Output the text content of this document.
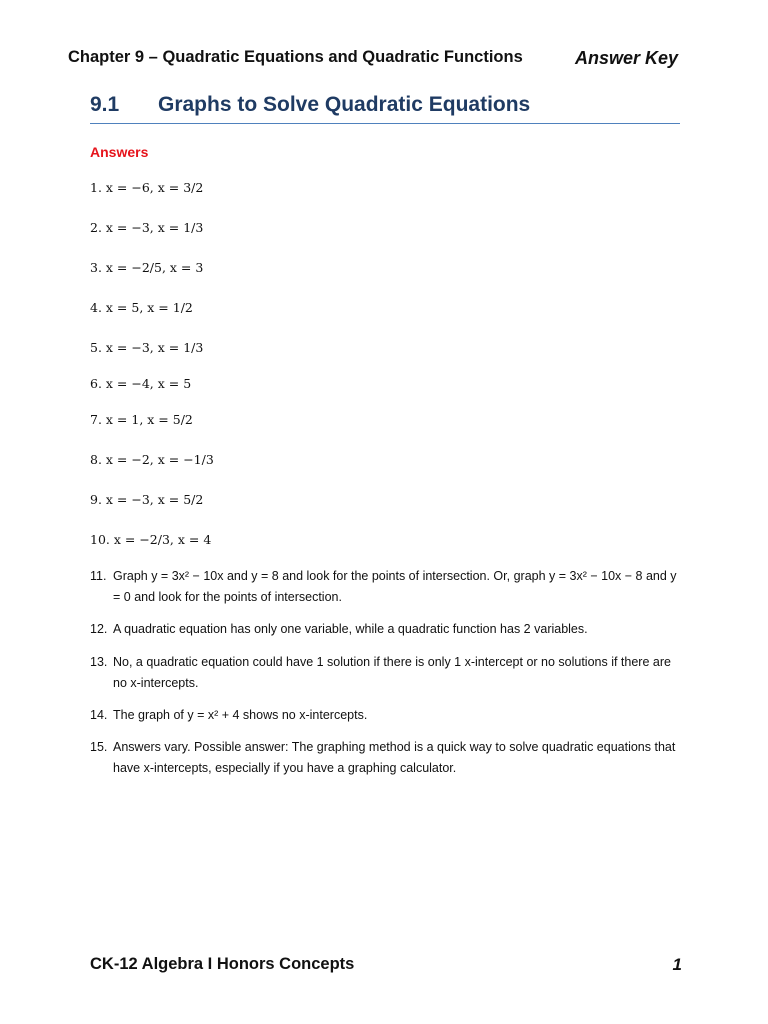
Chapter 9 – Quadratic Equations and Quadratic Functions	Answer Key
9.1 Graphs to Solve Quadratic Equations
Answers
1. x = −6, x = 3/2
2. x = −3, x = 1/3
3. x = −2/5, x = 3
4. x = 5, x = 1/2
5. x = −3, x = 1/3
6. x = −4, x = 5
7. x = 1, x = 5/2
8. x = −2, x = −1/3
9. x = −3, x = 5/2
10. x = −2/3, x = 4
11. Graph y = 3x² − 10x and y = 8 and look for the points of intersection. Or, graph y = 3x² − 10x − 8 and y = 0 and look for the points of intersection.
12. A quadratic equation has only one variable, while a quadratic function has 2 variables.
13. No, a quadratic equation could have 1 solution if there is only 1 x-intercept or no solutions if there are no x-intercepts.
14. The graph of y = x² + 4 shows no x-intercepts.
15. Answers vary. Possible answer: The graphing method is a quick way to solve quadratic equations that have x-intercepts, especially if you have a graphing calculator.
CK-12 Algebra I Honors Concepts	1
